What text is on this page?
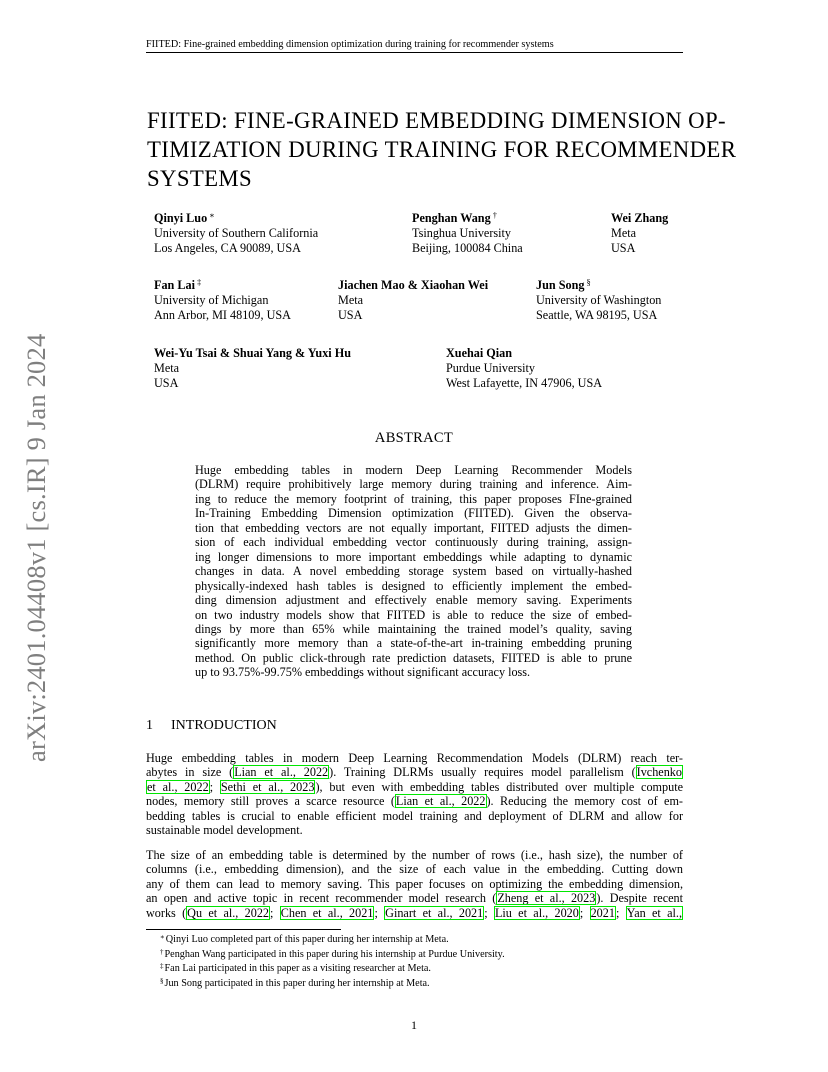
FIITED: Fine-grained embedding dimension optimization during training for recommender systems
arXiv:2401.04408v1 [cs.IR] 9 Jan 2024
FIITED: FINE-GRAINED EMBEDDING DIMENSION OP-
TIMIZATION DURING TRAINING FOR RECOMMENDER
SYSTEMS
Qinyi Luo ∗
University of Southern California
Los Angeles, CA 90089, USA
Penghan Wang †
Tsinghua University
Beijing, 100084 China
Wei Zhang
Meta
USA
Fan Lai ‡
University of Michigan
Ann Arbor, MI 48109, USA
Jiachen Mao & Xiaohan Wei
Meta
USA
Jun Song §
University of Washington
Seattle, WA 98195, USA
Wei-Yu Tsai & Shuai Yang & Yuxi Hu
Meta
USA
Xuehai Qian
Purdue University
West Lafayette, IN 47906, USA
ABSTRACT
Huge embedding tables in modern Deep Learning Recommender Models
(DLRM) require prohibitively large memory during training and inference. Aim-
ing to reduce the memory footprint of training, this paper proposes FIne-grained
In-Training Embedding Dimension optimization (FIITED). Given the observa-
tion that embedding vectors are not equally important, FIITED adjusts the dimen-
sion of each individual embedding vector continuously during training, assign-
ing longer dimensions to more important embeddings while adapting to dynamic
changes in data. A novel embedding storage system based on virtually-hashed
physically-indexed hash tables is designed to efficiently implement the embed-
ding dimension adjustment and effectively enable memory saving. Experiments
on two industry models show that FIITED is able to reduce the size of embed-
dings by more than 65% while maintaining the trained model’s quality, saving
significantly more memory than a state-of-the-art in-training embedding pruning
method. On public click-through rate prediction datasets, FIITED is able to prune
up to 93.75%-99.75% embeddings without significant accuracy loss.
1 INTRODUCTION
Huge embedding tables in modern Deep Learning Recommendation Models (DLRM) reach ter-
abytes in size (Lian et al., 2022). Training DLRMs usually requires model parallelism (Ivchenko
et al., 2022; Sethi et al., 2023), but even with embedding tables distributed over multiple compute
nodes, memory still proves a scarce resource (Lian et al., 2022). Reducing the memory cost of em-
bedding tables is crucial to enable efficient model training and deployment of DLRM and allow for
sustainable model development.
The size of an embedding table is determined by the number of rows (i.e., hash size), the number of
columns (i.e., embedding dimension), and the size of each value in the embedding. Cutting down
any of them can lead to memory saving. This paper focuses on optimizing the embedding dimension,
an open and active topic in recent recommender model research (Zheng et al., 2023). Despite recent
works (Qu et al., 2022; Chen et al., 2021; Ginart et al., 2021; Liu et al., 2020; 2021; Yan et al.,
∗Qinyi Luo completed part of this paper during her internship at Meta.
†Penghan Wang participated in this paper during his internship at Purdue University.
‡Fan Lai participated in this paper as a visiting researcher at Meta.
§Jun Song participated in this paper during her internship at Meta.
1
